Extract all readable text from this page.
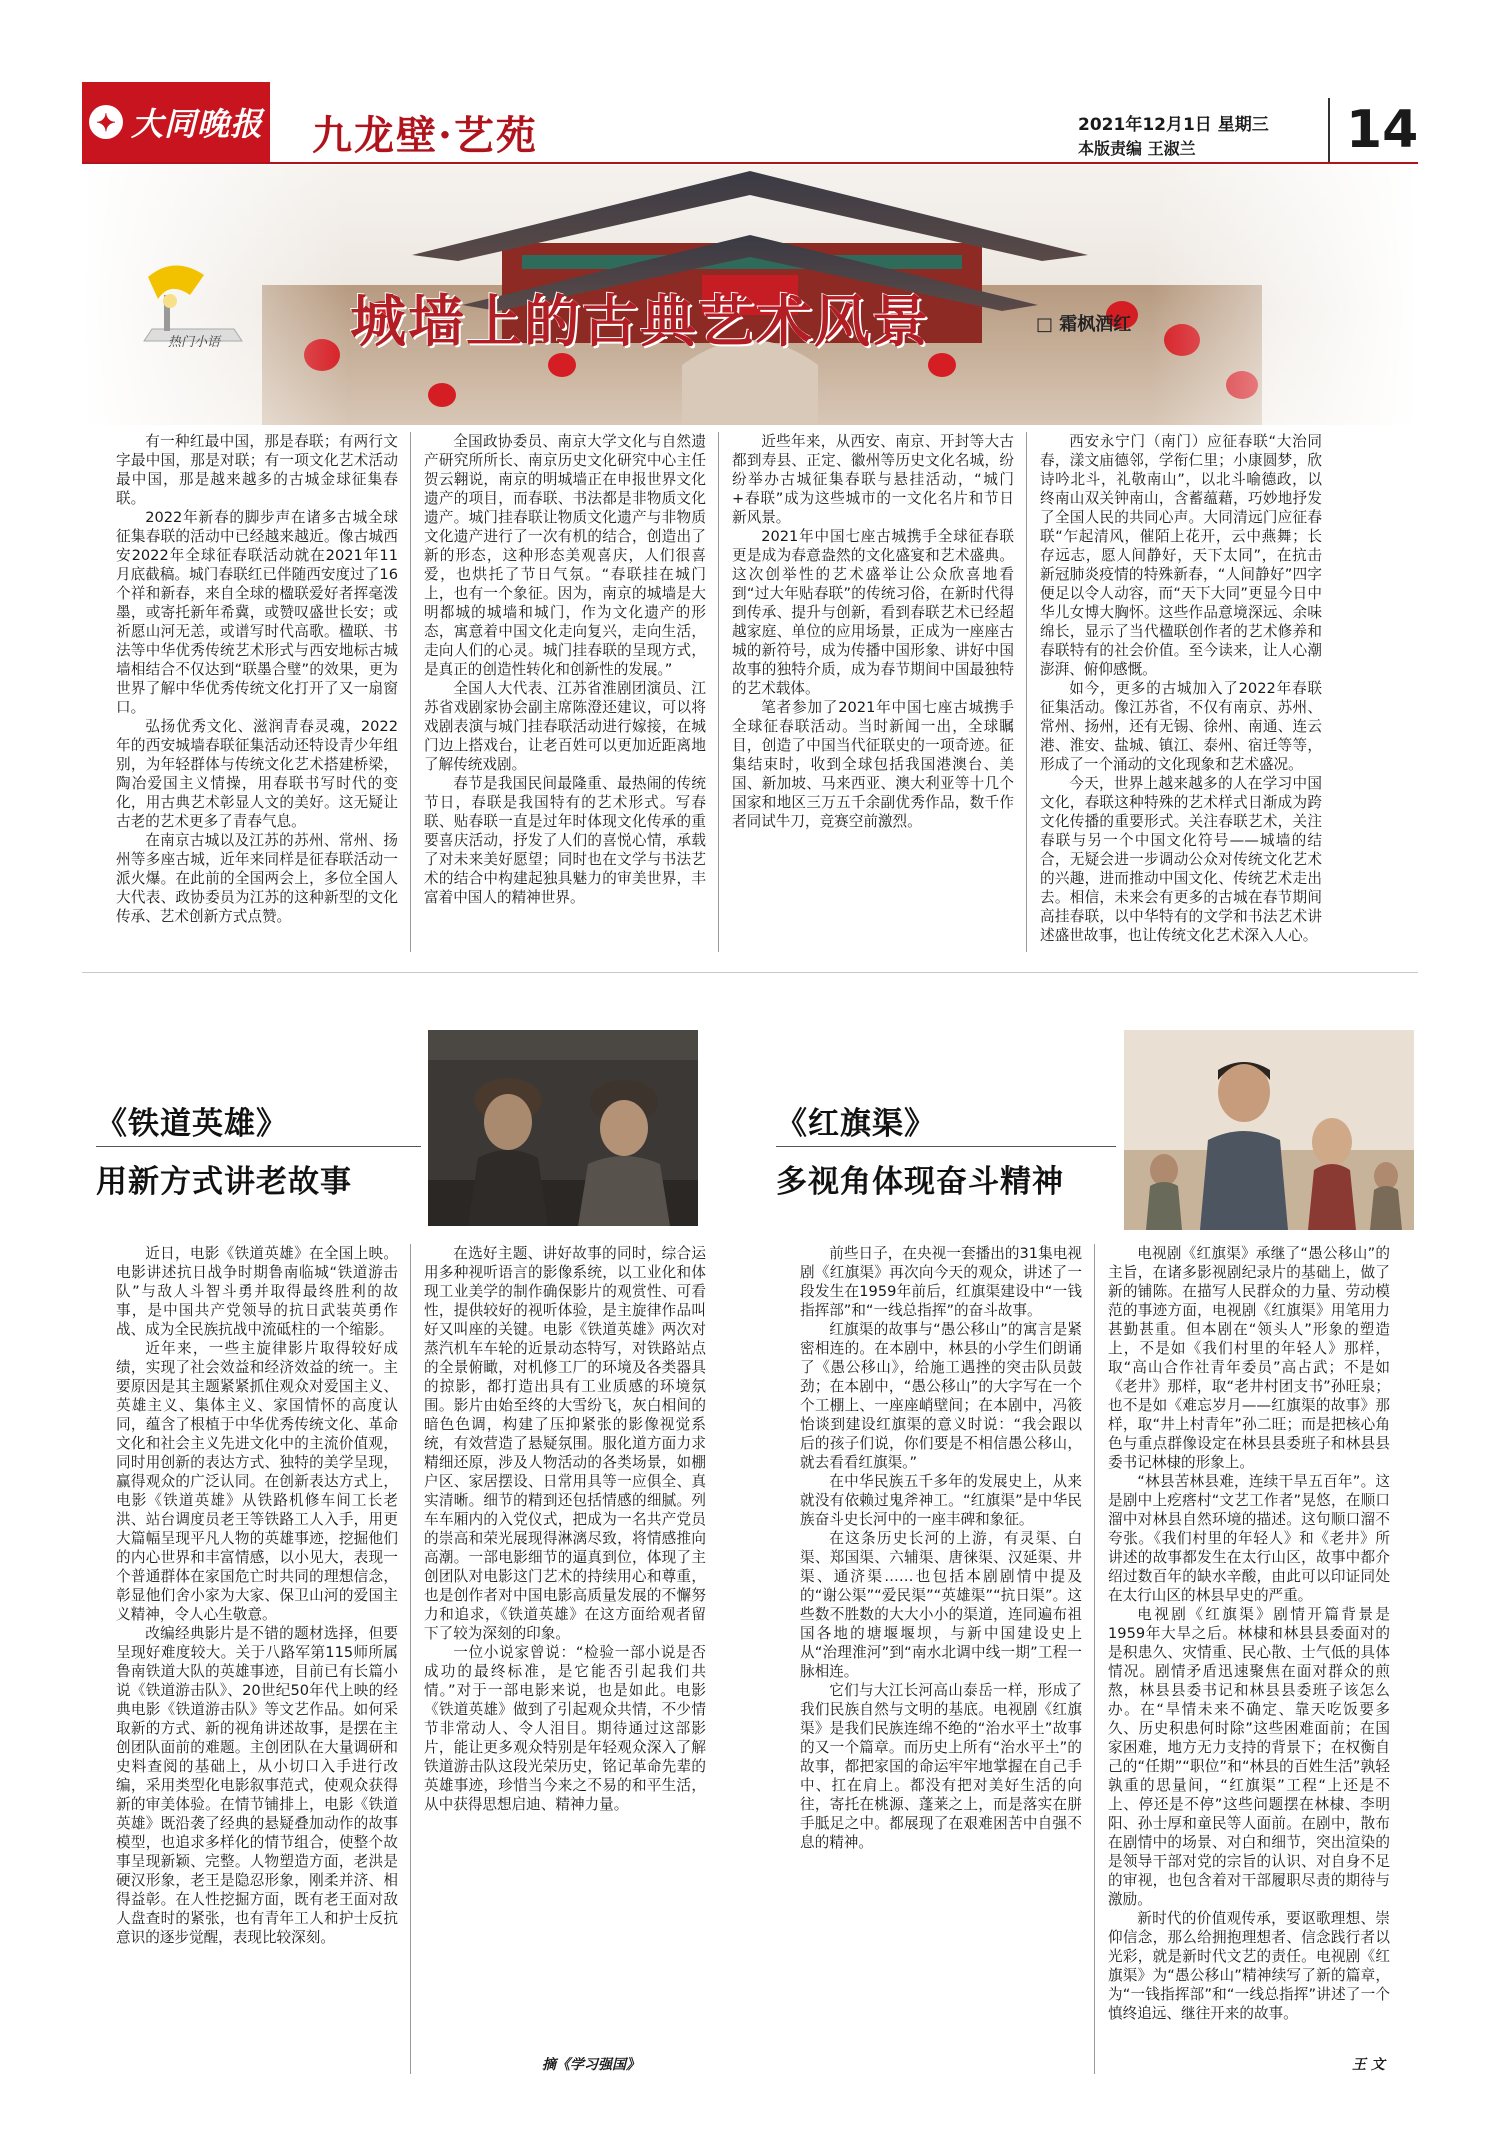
✦ 大同晚报 九龙壁·艺苑	2021年12月1日 星期三
本版责编 王淑兰	14
热门小语 城墙上的古典艺术风景	□ 霜枫酒红

有一种红最中国，那是春联；有两行文字最中国，那是对联；有一项文化艺术活动最中国，那是越来越多的古城金球征集春联。

2022年新春的脚步声在诸多古城全球征集春联的活动中已经越来越近。像古城西安2022年全球征春联活动就在2021年11月底截稿。城门春联红已伴随西安度过了16个祥和新春，来自全球的楹联爱好者挥毫泼墨，或寄托新年希冀，或赞叹盛世长安；或祈愿山河无恙，或谱写时代高歌。楹联、书法等中华优秀传统艺术形式与西安地标古城墙相结合不仅达到“联墨合璧”的效果，更为世界了解中华优秀传统文化打开了又一扇窗口。

弘扬优秀文化、滋润青春灵魂，2022年的西安城墙春联征集活动还特设青少年组别，为年轻群体与传统文化艺术搭建桥梁，陶冶爱国主义情操，用春联书写时代的变化，用古典艺术彰显人文的美好。这无疑让古老的艺术更多了青春气息。

在南京古城以及江苏的苏州、常州、扬州等多座古城，近年来同样是征春联活动一派火爆。在此前的全国两会上，多位全国人大代表、政协委员为江苏的这种新型的文化传承、艺术创新方式点赞。

全国政协委员、南京大学文化与自然遗产研究所所长、南京历史文化研究中心主任贺云翱说，南京的明城墙正在申报世界文化遗产的项目，而春联、书法都是非物质文化遗产。城门挂春联让物质文化遗产与非物质文化遗产进行了一次有机的结合，创造出了新的形态，这种形态美观喜庆，人们很喜爱，也烘托了节日气氛。“春联挂在城门上，也有一个象征。因为，南京的城墙是大明都城的城墙和城门，作为文化遗产的形态，寓意着中国文化走向复兴，走向生活，走向人们的心灵。城门挂春联的呈现方式，是真正的创造性转化和创新性的发展。”

全国人大代表、江苏省淮剧团演员、江苏省戏剧家协会副主席陈澄还建议，可以将戏剧表演与城门挂春联活动进行嫁接，在城门边上搭戏台，让老百姓可以更加近距离地了解传统戏剧。

春节是我国民间最隆重、最热闹的传统节日，春联是我国特有的艺术形式。写春联、贴春联一直是过年时体现文化传承的重要喜庆活动，抒发了人们的喜悦心情，承载了对未来美好愿望；同时也在文学与书法艺术的结合中构建起独具魅力的审美世界，丰富着中国人的精神世界。

近些年来，从西安、南京、开封等大古都到寿县、正定、徽州等历史文化名城，纷纷举办古城征集春联与悬挂活动，“城门+春联”成为这些城市的一文化名片和节日新风景。

2021年中国七座古城携手全球征春联更是成为春意盎然的文化盛宴和艺术盛典。这次创举性的艺术盛举让公众欣喜地看到“过大年贴春联”的传统习俗，在新时代得到传承、提升与创新，看到春联艺术已经超越家庭、单位的应用场景，正成为一座座古城的新符号，成为传播中国形象、讲好中国故事的独特介质，成为春节期间中国最独特的艺术载体。

笔者参加了2021年中国七座古城携手全球征春联活动。当时新闻一出，全球瞩目，创造了中国当代征联史的一项奇迹。征集结束时，收到全球包括我国港澳台、美国、新加坡、马来西亚、澳大利亚等十几个国家和地区三万五千余副优秀作品，数千作者同试牛刀，竞赛空前激烈。

西安永宁门（南门）应征春联“大治同春，漾文庙德邻，学衔仁里；小康圆梦，欣诗吟北斗，礼敬南山”，以北斗喻德政，以终南山双关钟南山，含蓄蕴藉，巧妙地抒发了全国人民的共同心声。大同清远门应征春联“乍起清风，催陌上花开，云中燕舞；长存远志，愿人间静好，天下太同”，在抗击新冠肺炎疫情的特殊新春，“人间静好”四字便足以令人动容，而“天下大同”更显今日中华儿女博大胸怀。这些作品意境深远、余味绵长，显示了当代楹联创作者的艺术修养和春联特有的社会价值。至今读来，让人心潮澎湃、俯仰感慨。

如今，更多的古城加入了2022年春联征集活动。像江苏省，不仅有南京、苏州、常州、扬州，还有无锡、徐州、南通、连云港、淮安、盐城、镇江、泰州、宿迁等等，形成了一个涌动的文化现象和艺术盛况。

今天，世界上越来越多的人在学习中国文化，春联这种特殊的艺术样式日渐成为跨文化传播的重要形式。关注春联艺术，关注春联与另一个中国文化符号——城墙的结合，无疑会进一步调动公众对传统文化艺术的兴趣，进而推动中国文化、传统艺术走出去。相信，未来会有更多的古城在春节期间高挂春联，以中华特有的文学和书法艺术讲述盛世故事，也让传统文化艺术深入人心。

《铁道英雄》
用新方式讲老故事

近日，电影《铁道英雄》在全国上映。电影讲述抗日战争时期鲁南临城“铁道游击队”与敌人斗智斗勇并取得最终胜利的故事，是中国共产党领导的抗日武装英勇作战、成为全民族抗战中流砥柱的一个缩影。

近年来，一些主旋律影片取得较好成绩，实现了社会效益和经济效益的统一。主要原因是其主题紧紧抓住观众对爱国主义、英雄主义、集体主义、家国情怀的高度认同，蕴含了根植于中华优秀传统文化、革命文化和社会主义先进文化中的主流价值观，同时用创新的表达方式、独特的美学呈现，赢得观众的广泛认同。在创新表达方式上，电影《铁道英雄》从铁路机修车间工长老洪、站台调度员老王等铁路工人入手，用更大篇幅呈现平凡人物的英雄事迹，挖掘他们的内心世界和丰富情感，以小见大，表现一个普通群体在家国危亡时共同的理想信念，彰显他们舍小家为大家、保卫山河的爱国主义精神，令人心生敬意。

改编经典影片是不错的题材选择，但要呈现好难度较大。关于八路军第115师所属鲁南铁道大队的英雄事迹，目前已有长篇小说《铁道游击队》、20世纪50年代上映的经典电影《铁道游击队》等文艺作品。如何采取新的方式、新的视角讲述故事，是摆在主创团队面前的难题。主创团队在大量调研和史料查阅的基础上，从小切口入手进行改编，采用类型化电影叙事范式，使观众获得新的审美体验。在情节铺排上，电影《铁道英雄》既沿袭了经典的悬疑叠加动作的故事模型，也追求多样化的情节组合，使整个故事呈现新颖、完整。人物塑造方面，老洪是硬汉形象，老王是隐忍形象，刚柔并济、相得益彰。在人性挖掘方面，既有老王面对敌人盘查时的紧张，也有青年工人和护士反抗意识的逐步觉醒，表现比较深刻。

在选好主题、讲好故事的同时，综合运用多种视听语言的影像系统，以工业化和体现工业美学的制作确保影片的观赏性、可看性，提供较好的视听体验，是主旋律作品叫好又叫座的关键。电影《铁道英雄》两次对蒸汽机车车轮的近景动态特写，对铁路站点的全景俯瞰，对机修工厂的环境及各类器具的掠影，都打造出具有工业质感的环境氛围。影片由始至终的大雪纷飞，灰白相间的暗色色调，构建了压抑紧张的影像视觉系统，有效营造了悬疑氛围。服化道方面力求精细还原，涉及人物活动的各类场景，如棚户区、家居摆设、日常用具等一应俱全、真实清晰。细节的精到还包括情感的细腻。列车车厢内的入党仪式，把成为一名共产党员的崇高和荣光展现得淋漓尽致，将情感推向高潮。一部电影细节的逼真到位，体现了主创团队对电影这门艺术的持续用心和尊重，也是创作者对中国电影高质量发展的不懈努力和追求，《铁道英雄》在这方面给观者留下了较为深刻的印象。

一位小说家曾说：“检验一部小说是否成功的最终标准，是它能否引起我们共情。”对于一部电影来说，也是如此。电影《铁道英雄》做到了引起观众共情，不少情节非常动人、令人泪目。期待通过这部影片，能让更多观众特别是年轻观众深入了解铁道游击队这段光荣历史，铭记革命先辈的英雄事迹，珍惜当今来之不易的和平生活，从中获得思想启迪、精神力量。

摘《学习强国》
《红旗渠》
多视角体现奋斗精神

前些日子，在央视一套播出的31集电视剧《红旗渠》再次向今天的观众，讲述了一段发生在1959年前后，红旗渠建设中“一钱指挥部”和“一线总指挥”的奋斗故事。

红旗渠的故事与“愚公移山”的寓言是紧密相连的。在本剧中，林县的小学生们朗诵了《愚公移山》，给施工遇挫的突击队员鼓劲；在本剧中，“愚公移山”的大字写在一个个工棚上、一座座峭壁间；在本剧中，冯筱怡谈到建设红旗渠的意义时说：“我会跟以后的孩子们说，你们要是不相信愚公移山，就去看看红旗渠。”

在中华民族五千多年的发展史上，从来就没有依赖过鬼斧神工。“红旗渠”是中华民族奋斗史长河中的一座丰碑和象征。

在这条历史长河的上游，有灵渠、白渠、郑国渠、六辅渠、唐徕渠、汉延渠、井渠、通济渠……也包括本剧剧情中提及的“谢公渠”“爱民渠”“英雄渠”“抗日渠”。这些数不胜数的大大小小的渠道，连同遍布祖国各地的塘堰堰坝，与新中国建设史上从“治理淮河”到“南水北调中线一期”工程一脉相连。

它们与大江长河高山泰岳一样，形成了我们民族自然与文明的基底。电视剧《红旗渠》是我们民族连绵不绝的“治水平土”故事的又一个篇章。而历史上所有“治水平土”的故事，都把家国的命运牢牢地掌握在自己手中、扛在肩上。都没有把对美好生活的向往，寄托在桃源、蓬莱之上，而是落实在胼手胝足之中。都展现了在艰难困苦中自强不息的精神。

电视剧《红旗渠》承继了“愚公移山”的主旨，在诸多影视剧纪录片的基础上，做了新的铺陈。在描写人民群众的力量、劳动模范的事迹方面，电视剧《红旗渠》用笔用力甚勤甚重。但本剧在“领头人”形象的塑造上，不是如《我们村里的年轻人》那样，取“高山合作社青年委员”高占武；不是如《老井》那样，取“老井村团支书”孙旺泉；也不是如《难忘岁月——红旗渠的故事》那样，取“井上村青年”孙二旺；而是把核心角色与重点群像设定在林县县委班子和林县县委书记林棣的形象上。

“林县苦林县难，连续干旱五百年”。这是剧中上疙瘩村“文艺工作者”晃悠，在顺口溜中对林县自然环境的描述。这句顺口溜不夸张。《我们村里的年轻人》和《老井》所讲述的故事都发生在太行山区，故事中都介绍过数百年的缺水辛酸，由此可以印证同处在太行山区的林县早史的严重。

电视剧《红旗渠》剧情开篇背景是1959年大旱之后。林棣和林县县委面对的是积患久、灾情重、民心散、士气低的具体情况。剧情矛盾迅速聚焦在面对群众的煎熬，林县县委书记和林县县委班子该怎么办。在“旱情未来不确定、靠天吃饭要多久、历史积患何时除”这些困难面前；在国家困难，地方无力支持的背景下；在权衡自己的“任期”“职位”和“林县的百姓生活”孰轻孰重的思量间，“红旗渠”工程“上还是不上、停还是不停”这些问题摆在林棣、李明阳、孙士厚和童民等人面前。在剧中，散布在剧情中的场景、对白和细节，突出渲染的是领导干部对党的宗旨的认识、对自身不足的审视，也包含着对干部履职尽责的期待与激励。

新时代的价值观传承，要讴歌理想、崇仰信念，那么给拥抱理想者、信念践行者以光彩，就是新时代文艺的责任。电视剧《红旗渠》为“愚公移山”精神续写了新的篇章，为“一钱指挥部”和“一线总指挥”讲述了一个慎终追远、继往开来的故事。

王 文
